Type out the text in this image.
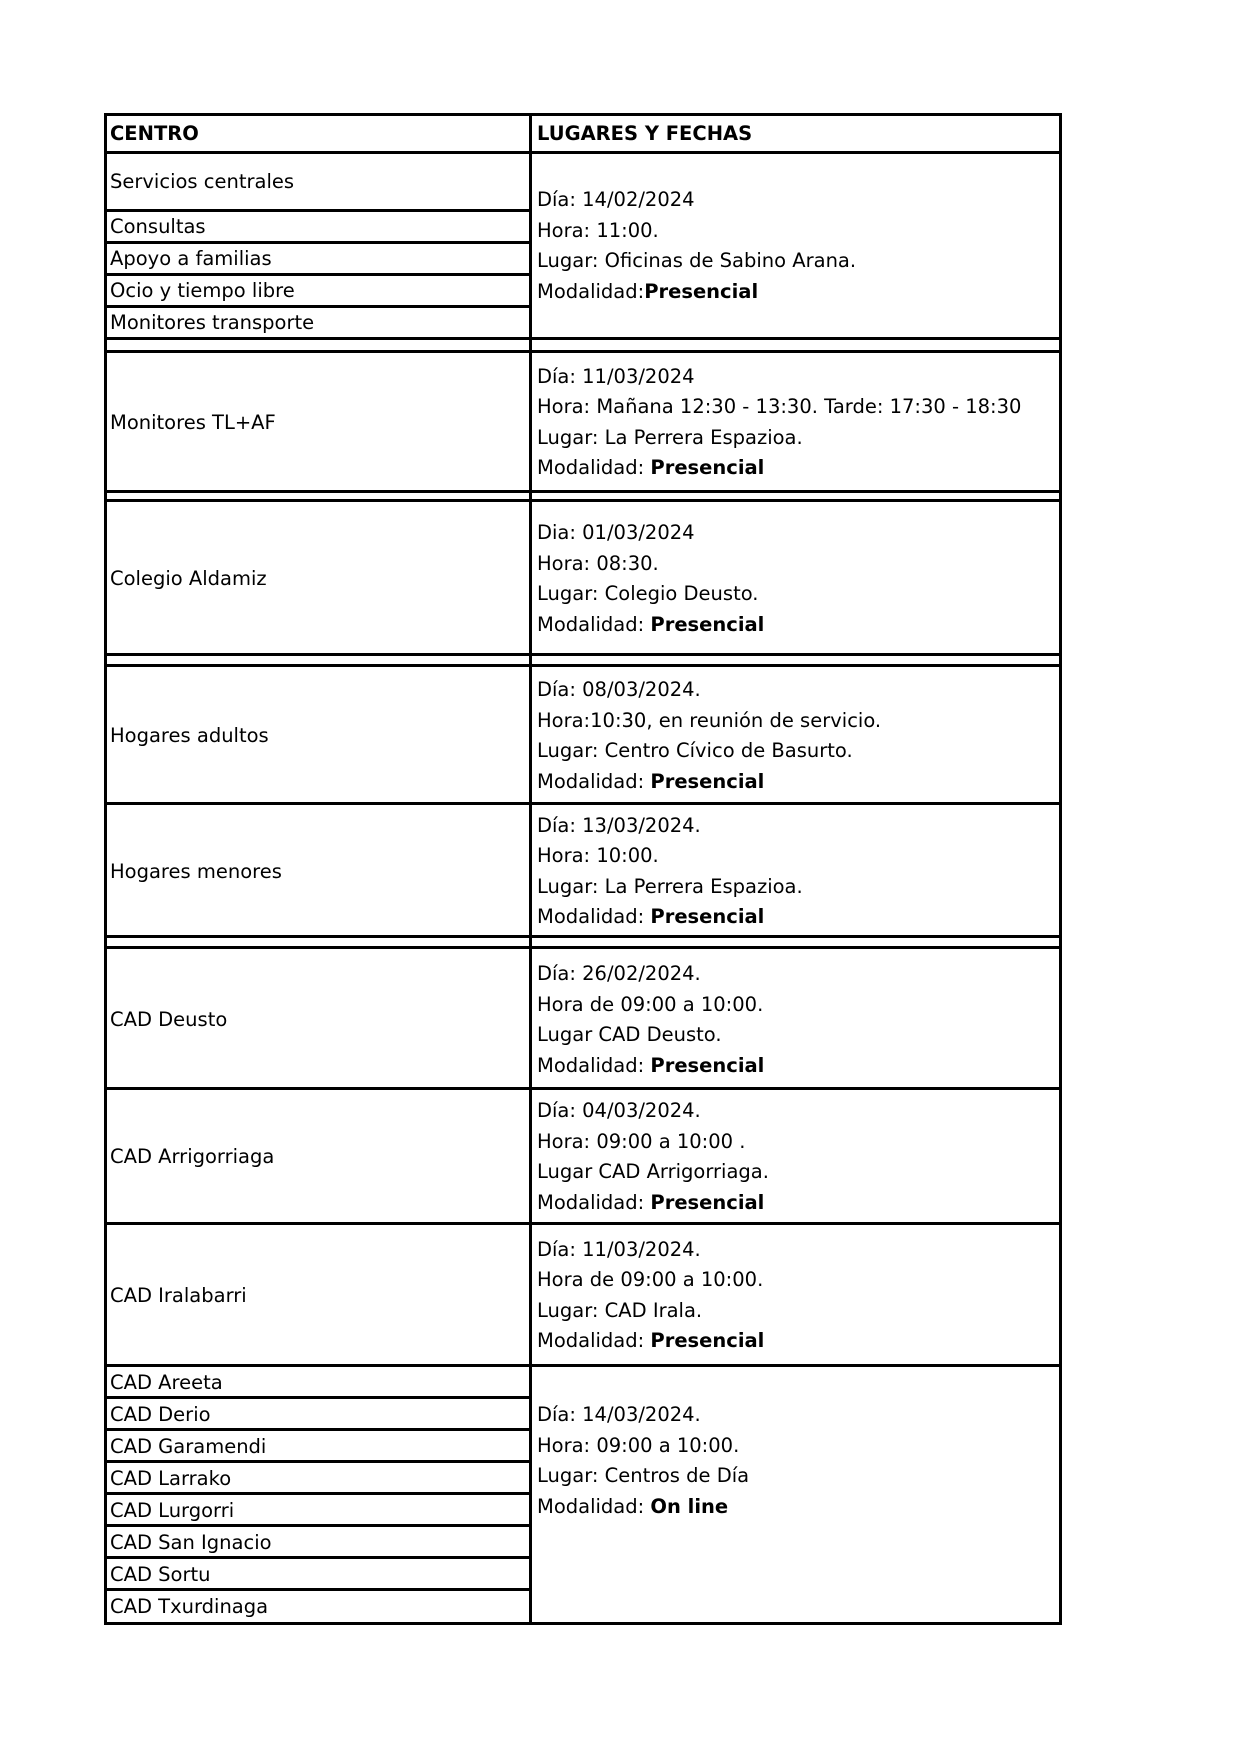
CENTRO	LUGARES Y FECHAS
Servicios centrales
Consultas
Apoyo a familias
Ocio y tiempo libre
Monitores transporte
Día: 14/02/2024
Hora: 11:00.
Lugar: Oficinas de Sabino Arana.
Modalidad:Presencial
Monitores TL+AF
Día: 11/03/2024
Hora: Mañana 12:30 - 13:30. Tarde: 17:30 - 18:30
Lugar: La Perrera Espazioa.
Modalidad: Presencial
Colegio Aldamiz
Dia: 01/03/2024
Hora: 08:30.
Lugar: Colegio Deusto.
Modalidad: Presencial
Hogares adultos
Día: 08/03/2024.
Hora:10:30, en reunión de servicio.
Lugar: Centro Cívico de Basurto.
Modalidad: Presencial
Hogares menores
Día: 13/03/2024.
Hora: 10:00.
Lugar: La Perrera Espazioa.
Modalidad: Presencial
CAD Deusto
Día: 26/02/2024.
Hora de 09:00 a 10:00.
Lugar CAD Deusto.
Modalidad: Presencial
CAD Arrigorriaga
Día: 04/03/2024.
Hora: 09:00 a 10:00 .
Lugar CAD Arrigorriaga.
Modalidad: Presencial
CAD Iralabarri
Día: 11/03/2024.
Hora de 09:00 a 10:00.
Lugar: CAD Irala.
Modalidad: Presencial
CAD Areeta
CAD Derio
CAD Garamendi
CAD Larrako
CAD Lurgorri
CAD San Ignacio
CAD Sortu
CAD Txurdinaga
Día: 14/03/2024.
Hora: 09:00 a 10:00.
Lugar: Centros de Día
Modalidad: On line
